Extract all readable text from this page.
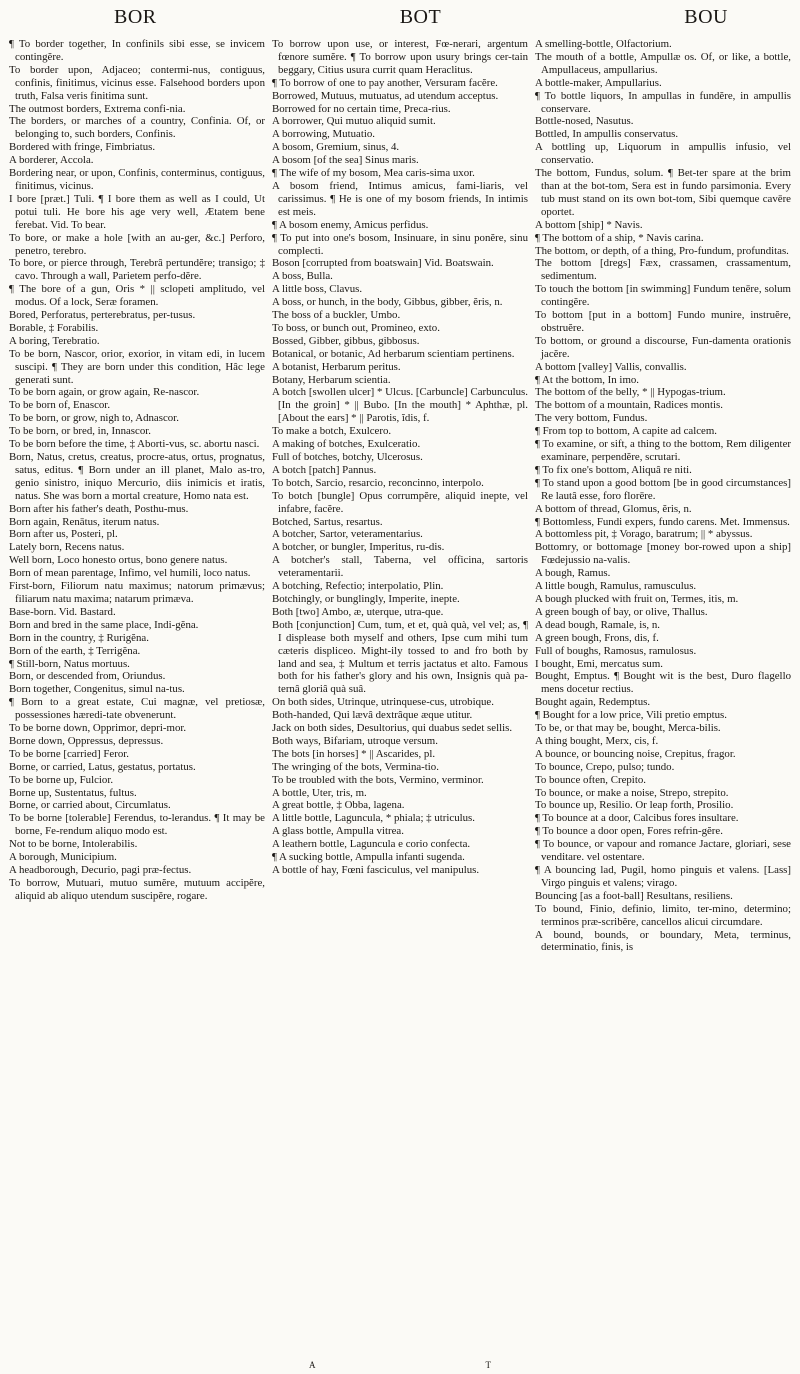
BOR	BOT	BOU

¶ To border together, In confinils sibi esse, se invicem contingĕre.

To border upon, Adjaceo; contermi-nus, contiguus, confinis, finitimus, vicinus esse. Falsehood borders upon truth, Falsa veris finitima sunt.

The outmost borders, Extrema confi-nia.

The borders, or marches of a country, Confinia. Of, or belonging to, such borders, Confinis.

Bordered with fringe, Fimbriatus.

A borderer, Accola.

Bordering near, or upon, Confinis, conterminus, contiguus, finitimus, vicinus.

I bore [præt.] Tuli. ¶ I bore them as well as I could, Ut potui tuli. He bore his age very well, Ætatem bene ferebat. Vid. To bear.

To bore, or make a hole [with an au-ger, &c.] Perforo, penetro, terebro.

To bore, or pierce through, Terebrâ pertundĕre; transigo; ‡ cavo. Through a wall, Parietem perfo-dĕre.

¶ The bore of a gun, Oris * || sclopeti amplitudo, vel modus. Of a lock, Seræ foramen.

Bored, Perforatus, perterebratus, per-tusus.

Borable, ‡ Forabilis.

A boring, Terebratio.

To be born, Nascor, orior, exorior, in vitam edi, in lucem suscipi. ¶ They are born under this condition, Hâc lege generati sunt.

To be born again, or grow again, Re-nascor.

To be born of, Enascor.

To be born, or grow, nigh to, Adnascor.

To be born, or bred, in, Innascor.

To be born before the time, ‡ Aborti-vus, sc. abortu nasci.

Born, Natus, cretus, creatus, procre-atus, ortus, prognatus, satus, editus. ¶ Born under an ill planet, Malo as-tro, genio sinistro, iniquo Mercurio, diis inimicis et iratis, natus. She was born a mortal creature, Homo nata est.

Born after his father's death, Posthu-mus.

Born again, Renātus, iterum natus.

Born after us, Posteri, pl.

Lately born, Recens natus.

Well born, Loco honesto ortus, bono genere natus.

Born of mean parentage, Infimo, vel humili, loco natus.

First-born, Filiorum natu maximus; natorum primævus; filiarum natu maxima; natarum primæva.

Base-born. Vid. Bastard.

Born and bred in the same place, Indi-gĕna.

Born in the country, ‡ Rurigĕna.

Born of the earth, ‡ Terrigĕna.

¶ Still-born, Natus mortuus.

Born, or descended from, Oriundus.

Born together, Congenitus, simul na-tus.

¶ Born to a great estate, Cui magnæ, vel pretiosæ, possessiones hæredi-tate obvenerunt.

To be borne down, Opprimor, depri-mor.

Borne down, Oppressus, depressus.

To be borne [carried] Feror.

Borne, or carried, Latus, gestatus, portatus.

To be borne up, Fulcior.

Borne up, Sustentatus, fultus.

Borne, or carried about, Circumlatus.

To be borne [tolerable] Ferendus, to-lerandus. ¶ It may be borne, Fe-rendum aliquo modo est.

Not to be borne, Intolerabilis.

A borough, Municipium.

A headborough, Decurio, pagi præ-fectus.

To borrow, Mutuari, mutuo sumĕre, mutuum accipĕre, aliquid ab aliquo utendum suscipĕre, rogare.

To borrow upon use, or interest, Fœ-nerari, argentum fœnore sumĕre. ¶ To borrow upon usury brings cer-tain beggary, Citius usura currit quam Heraclitus.

¶ To borrow of one to pay another, Versuram facĕre.

Borrowed, Mutuus, mutuatus, ad utendum acceptus.

Borrowed for no certain time, Preca-rius.

A borrower, Qui mutuo aliquid sumit.

A borrowing, Mutuatio.

A bosom, Gremium, sinus, 4.

A bosom [of the sea] Sinus maris.

¶ The wife of my bosom, Mea caris-sima uxor.

A bosom friend, Intimus amicus, fami-liaris, vel carissimus. ¶ He is one of my bosom friends, In intimis est meis.

¶ A bosom enemy, Amicus perfidus.

¶ To put into one's bosom, Insinuare, in sinu ponĕre, sinu complecti.

Boson [corrupted from boatswain] Vid. Boatswain.

A boss, Bulla.

A little boss, Clavus.

A boss, or hunch, in the body, Gibbus, gibber, ĕris, n.

The boss of a buckler, Umbo.

To boss, or bunch out, Promineo, exto.

Bossed, Gibber, gibbus, gibbosus.

Botanical, or botanic, Ad herbarum scientiam pertinens.

A botanist, Herbarum peritus.

Botany, Herbarum scientia.

A botch [swollen ulcer] * Ulcus. [Carbuncle] Carbunculus. [In the groin] * || Bubo. [In the mouth] * Aphthæ, pl. [About the ears] * || Parotis, ĭdis, f.

To make a botch, Exulcero.

A making of botches, Exulceratio.

Full of botches, botchy, Ulcerosus.

A botch [patch] Pannus.

To botch, Sarcio, resarcio, reconcinno, interpolo.

To botch [bungle] Opus corrumpĕre, aliquid inepte, vel infabre, facĕre.

Botched, Sartus, resartus.

A botcher, Sartor, veteramentarius.

A botcher, or bungler, Imperitus, ru-dis.

A botcher's stall, Taberna, vel officina, sartoris veteramentarii.

A botching, Refectio; interpolatio, Plin.

Botchingly, or bunglingly, Imperite, inepte.

Both [two] Ambo, æ, uterque, utra-que.

Both [conjunction] Cum, tum, et et, quà quà, vel vel; as, ¶ I displease both myself and others, Ipse cum mihi tum cæteris displiceo. Might-ily tossed to and fro both by land and sea, ‡ Multum et terris jactatus et alto. Famous both for his father's glory and his own, Insignis quà pa-ternâ gloriâ quà suâ.

On both sides, Utrinque, utrinquese-cus, utrobique.

Both-handed, Qui lævâ dextrâque æque utitur.

Jack on both sides, Desultorius, qui duabus sedet sellis.

Both ways, Bifariam, utroque versum.

The bots [in horses] * || Ascarides, pl.

The wringing of the bots, Vermina-tio.

To be troubled with the bots, Vermino, verminor.

A bottle, Uter, tris, m.

A great bottle, ‡ Obba, lagena.

A little bottle, Laguncula, * phiala; ‡ utriculus.

A glass bottle, Ampulla vitrea.

A leathern bottle, Laguncula e corio confecta.

¶ A sucking bottle, Ampulla infanti sugenda.

A bottle of hay, Fœni fasciculus, vel manipulus.

A smelling-bottle, Olfactorium.

The mouth of a bottle, Ampullæ os. Of, or like, a bottle, Ampullaceus, ampullarius.

A bottle-maker, Ampullarius.

¶ To bottle liquors, In ampullas in fundĕre, in ampullis conservare.

Bottle-nosed, Nasutus.

Bottled, In ampullis conservatus.

A bottling up, Liquorum in ampullis infusio, vel conservatio.

The bottom, Fundus, solum. ¶ Bet-ter spare at the brim than at the bot-tom, Sera est in fundo parsimonia. Every tub must stand on its own bot-tom, Sibi quemque cavēre oportet.

A bottom [ship] * Navis.

¶ The bottom of a ship, * Navis carina.

The bottom, or depth, of a thing, Pro-fundum, profunditas.

The bottom [dregs] Fæx, crassamen, crassamentum, sedimentum.

To touch the bottom [in swimming] Fundum tenēre, solum contingĕre.

To bottom [put in a bottom] Fundo munire, instruĕre, obstruĕre.

To bottom, or ground a discourse, Fun-damenta orationis jacĕre.

A bottom [valley] Vallis, convallis.

¶ At the bottom, In imo.

The bottom of the belly, * || Hypogas-trium.

The bottom of a mountain, Radices montis.

The very bottom, Fundus.

¶ From top to bottom, A capite ad calcem.

¶ To examine, or sift, a thing to the bottom, Rem diligenter examinare, perpendĕre, scrutari.

¶ To fix one's bottom, Aliquâ re niti.

¶ To stand upon a good bottom [be in good circumstances] Re lautâ esse, foro florēre.

A bottom of thread, Glomus, ĕris, n.

¶ Bottomless, Fundi expers, fundo carens. Met. Immensus.

A bottomless pit, ‡ Vorago, baratrum; || * abyssus.

Bottomry, or bottomage [money bor-rowed upon a ship] Fœdejussio na-valis.

A bough, Ramus.

A little bough, Ramulus, ramusculus.

A bough plucked with fruit on, Termes, itis, m.

A green bough of bay, or olive, Thallus.

A dead bough, Ramale, is, n.

A green bough, Frons, dis, f.

Full of boughs, Ramosus, ramulosus.

I bought, Emi, mercatus sum.

Bought, Emptus. ¶ Bought wit is the best, Duro flagello mens docetur rectius.

Bought again, Redemptus.

¶ Bought for a low price, Vili pretio emptus.

To be, or that may be, bought, Merca-bilis.

A thing bought, Merx, cis, f.

A bounce, or bouncing noise, Crepitus, fragor.

To bounce, Crepo, pulso; tundo.

To bounce often, Crepito.

To bounce, or make a noise, Strepo, strepito.

To bounce up, Resilio. Or leap forth, Prosilio.

¶ To bounce at a door, Calcibus fores insultare.

¶ To bounce a door open, Fores refrin-gĕre.

¶ To bounce, or vapour and romance Jactare, gloriari, sese venditare. vel ostentare.

¶ A bouncing lad, Pugil, homo pinguis et valens. [Lass] Virgo pinguis et valens; virago.

Bouncing [as a foot-ball] Resultans, resiliens.

To bound, Finio, definio, limito, ter-mino, determino; terminos præ-scribĕre, cancellos alicui circumdare.

A bound, bounds, or boundary, Meta, terminus, determinatio, finis, is

A	T
